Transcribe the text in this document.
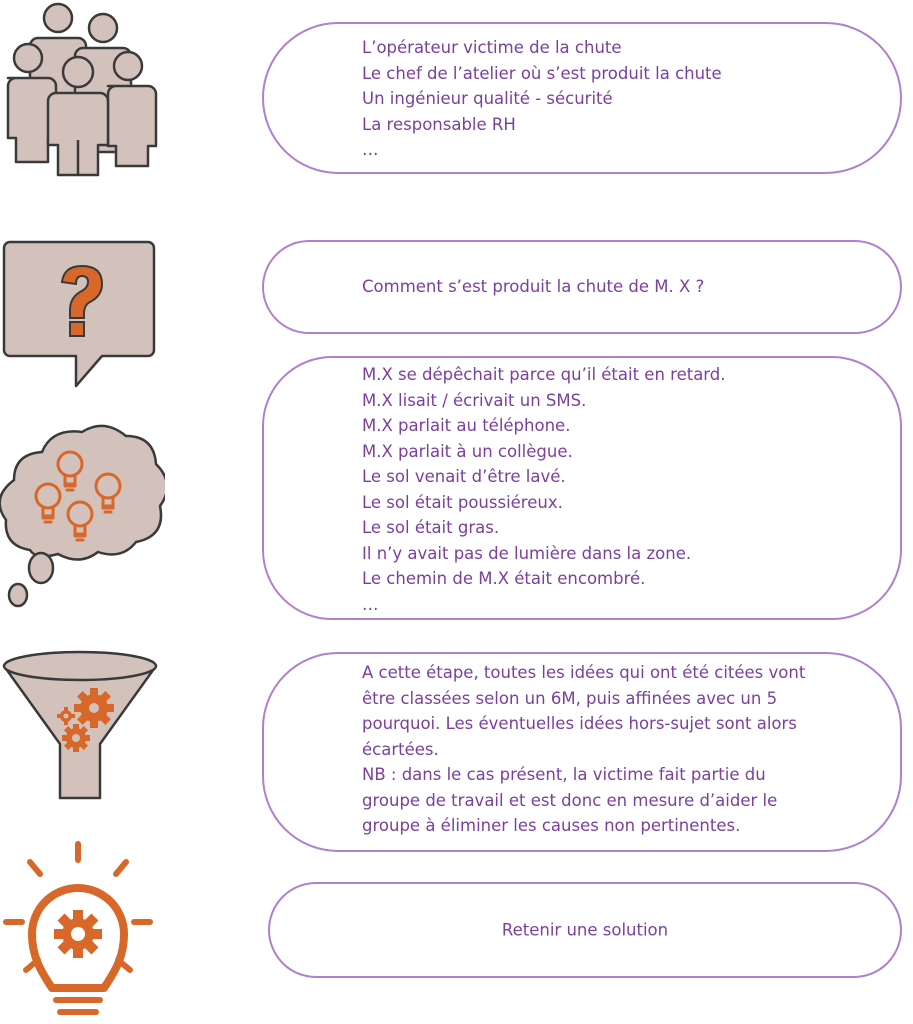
L’opérateur victime de la chute
Le chef de l’atelier où s’est produit la chute
Un ingénieur qualité - sécurité
La responsable RH
…
Comment s’est produit la chute de M. X ?
M.X se dépêchait parce qu’il était en retard.
M.X lisait / écrivait un SMS.
M.X parlait au téléphone.
M.X parlait à un collègue.
Le sol venait d’être lavé.
Le sol était poussiéreux.
Le sol était gras.
Il n’y avait pas de lumière dans la zone.
Le chemin de M.X était encombré.
…
A cette étape, toutes les idées qui ont été citées vont
être classées selon un 6M, puis affinées avec un 5
pourquoi. Les éventuelles idées hors-sujet sont alors
écartées.
NB : dans le cas présent, la victime fait partie du
groupe de travail et est donc en mesure d’aider le
groupe à éliminer les causes non pertinentes.
Retenir une solution
